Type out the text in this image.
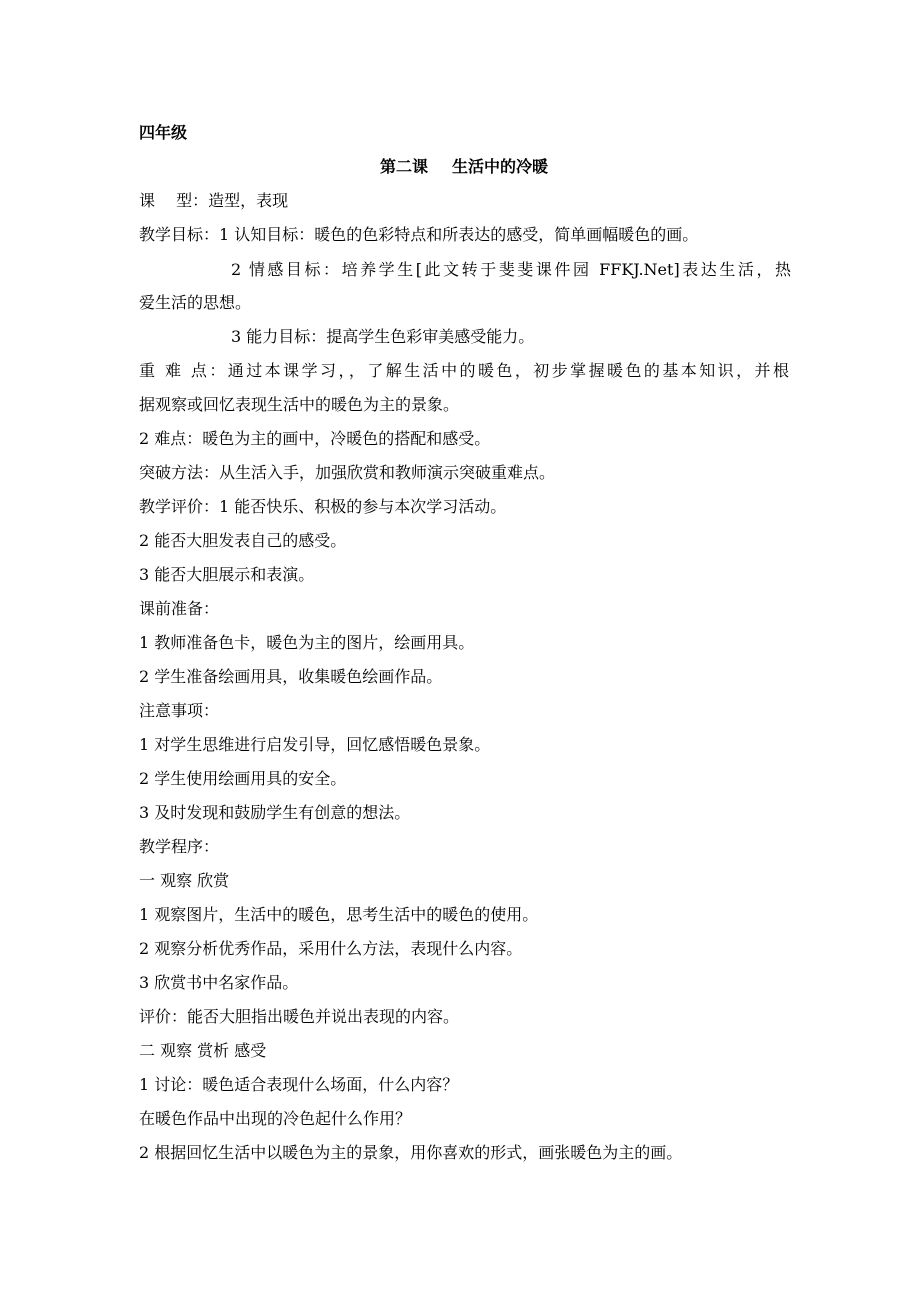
四年级
第二课 生活中的冷暖
课　 型：造型，表现
教学目标：1 认知目标：暖色的色彩特点和所表达的感受，简单画幅暖色的画。
2 情感目标：培养学生[此文转于斐斐课件园 FFKJ.Net]表达生活，热
爱生活的思想。
3 能力目标：提高学生色彩审美感受能力。
重 难 点：通过本课学习，，了解生活中的暖色，初步掌握暖色的基本知识，并根
据观察或回忆表现生活中的暖色为主的景象。
2 难点：暖色为主的画中，冷暖色的搭配和感受。
突破方法：从生活入手，加强欣赏和教师演示突破重难点。
教学评价：1 能否快乐、积极的参与本次学习活动。
2 能否大胆发表自己的感受。
3 能否大胆展示和表演。
课前准备：
1 教师准备色卡，暖色为主的图片，绘画用具。
2 学生准备绘画用具，收集暖色绘画作品。
注意事项：
1 对学生思维进行启发引导，回忆感悟暖色景象。
2 学生使用绘画用具的安全。
3 及时发现和鼓励学生有创意的想法。
教学程序：
一 观察 欣赏
1 观察图片，生活中的暖色，思考生活中的暖色的使用。
2 观察分析优秀作品，采用什么方法，表现什么内容。
3 欣赏书中名家作品。
评价：能否大胆指出暖色并说出表现的内容。
二 观察 赏析 感受
1 讨论：暖色适合表现什么场面，什么内容？
在暖色作品中出现的冷色起什么作用？
2 根据回忆生活中以暖色为主的景象，用你喜欢的形式，画张暖色为主的画。
